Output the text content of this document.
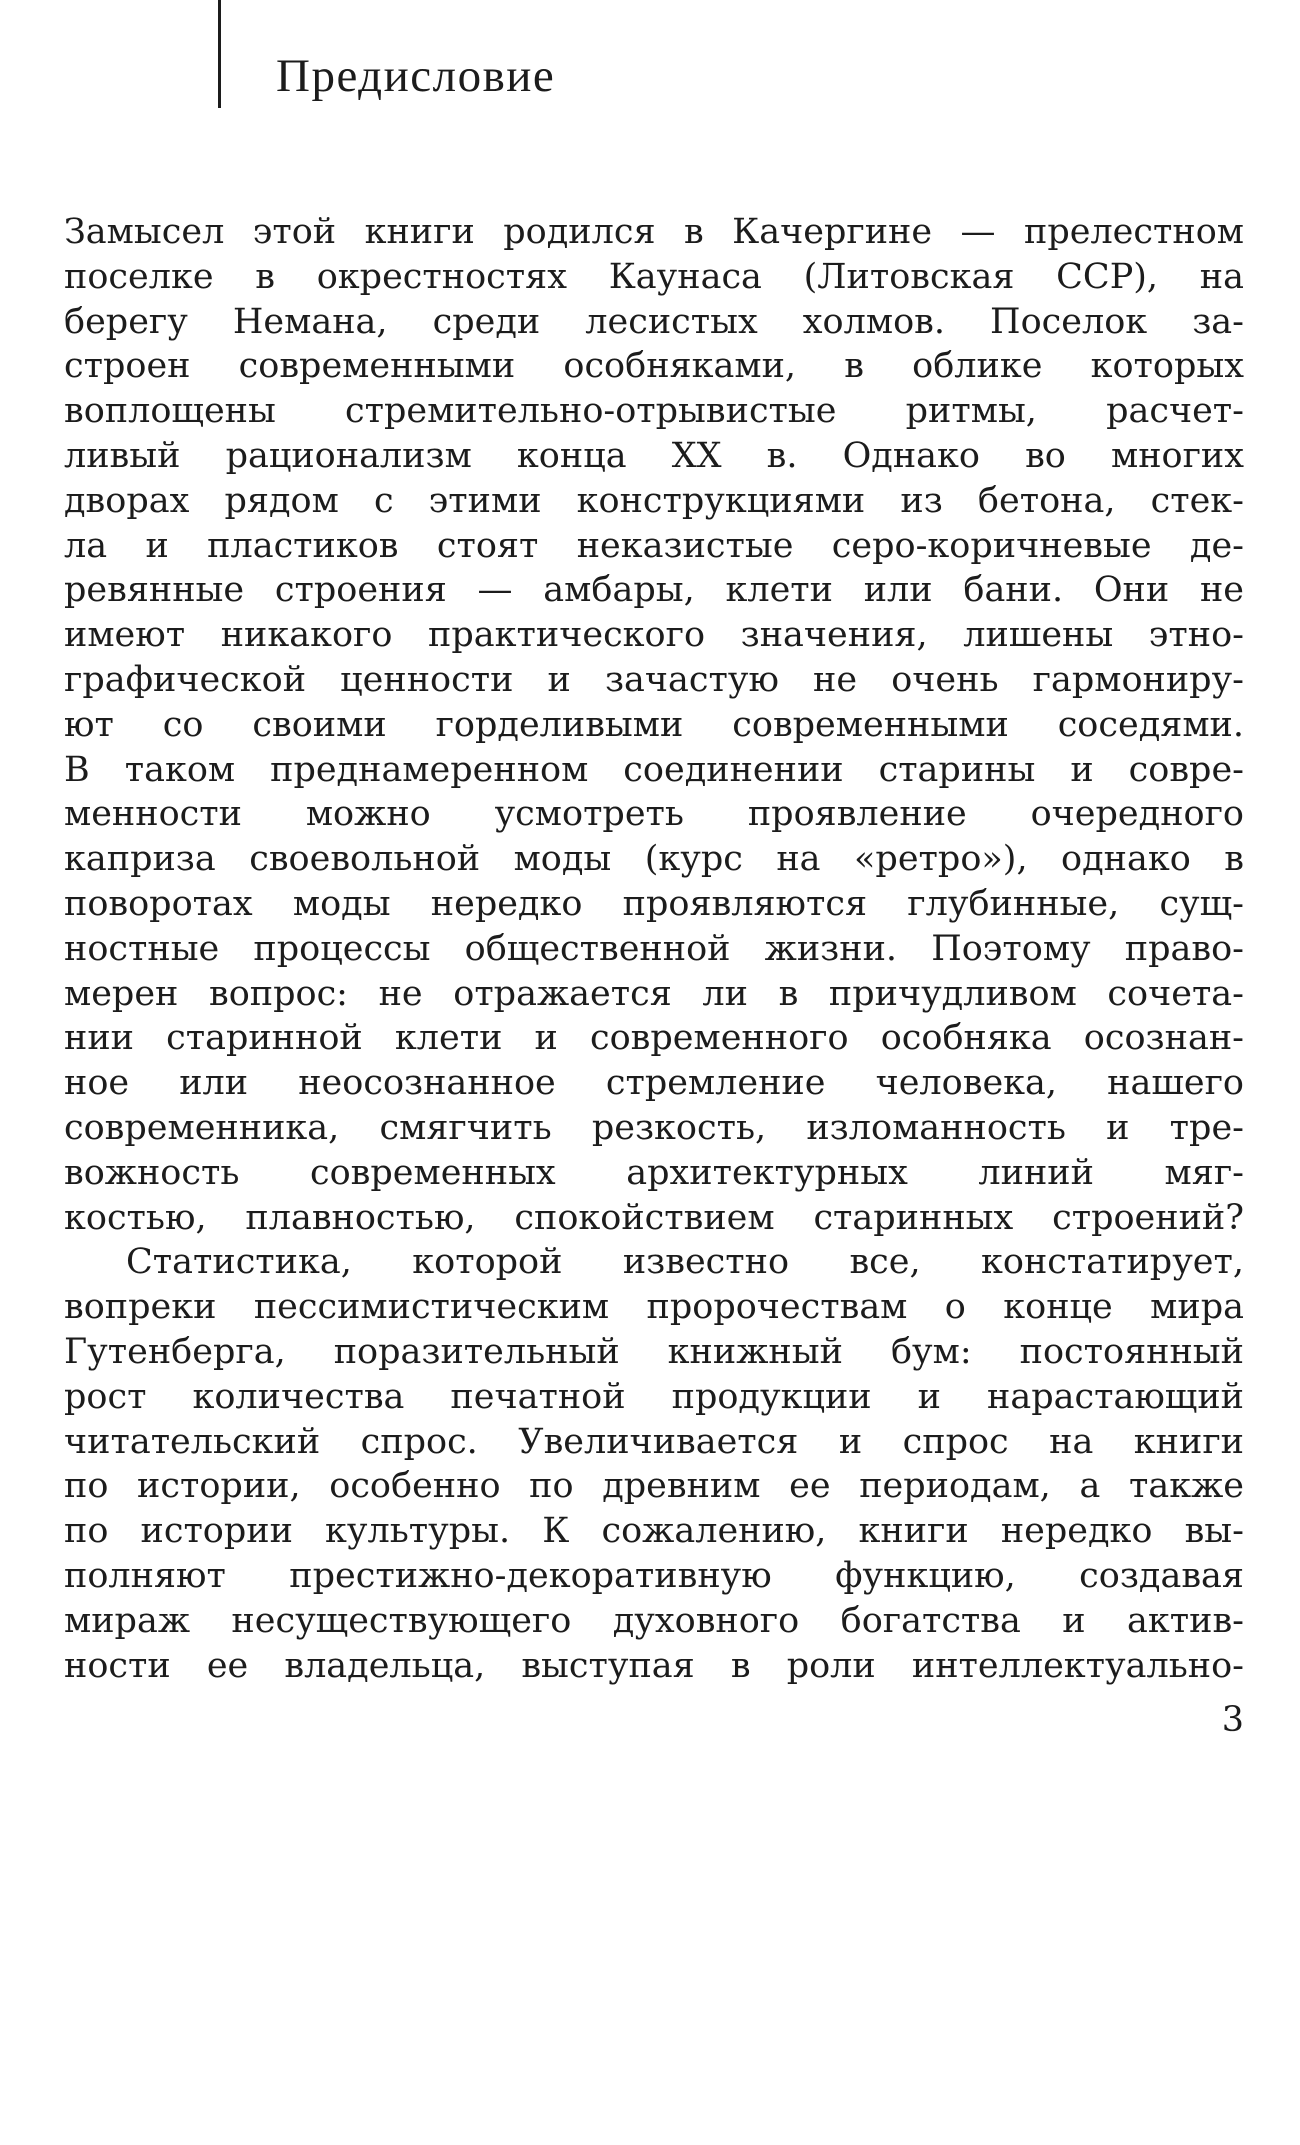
Предисловие
Замысел этой книги родился в Качергине — прелестном
поселке в окрестностях Каунаса (Литовская ССР), на
берегу Немана, среди лесистых холмов. Поселок за-
строен современными особняками, в облике которых
воплощены стремительно-отрывистые ритмы, расчет-
ливый рационализм конца XX в. Однако во многих
дворах рядом с этими конструкциями из бетона, стек-
ла и пластиков стоят неказистые серо-коричневые де-
ревянные строения — амбары, клети или бани. Они не
имеют никакого практического значения, лишены этно-
графической ценности и зачастую не очень гармониру-
ют со своими горделивыми современными соседями.
В таком преднамеренном соединении старины и совре-
менности можно усмотреть проявление очередного
каприза своевольной моды (курс на «ретро»), однако в
поворотах моды нередко проявляются глубинные, сущ-
ностные процессы общественной жизни. Поэтому право-
мерен вопрос: не отражается ли в причудливом сочета-
нии старинной клети и современного особняка осознан-
ное или неосознанное стремление человека, нашего
современника, смягчить резкость, изломанность и тре-
вожность современных архитектурных линий мяг-
костью, плавностью, спокойствием старинных строений?
Статистика, которой известно все, констатирует,
вопреки пессимистическим пророчествам о конце мира
Гутенберга, поразительный книжный бум: постоянный
рост количества печатной продукции и нарастающий
читательский спрос. Увеличивается и спрос на книги
по истории, особенно по древним ее периодам, а также
по истории культуры. К сожалению, книги нередко вы-
полняют престижно-декоративную функцию, создавая
мираж несуществующего духовного богатства и актив-
ности ее владельца, выступая в роли интеллектуально-
3
